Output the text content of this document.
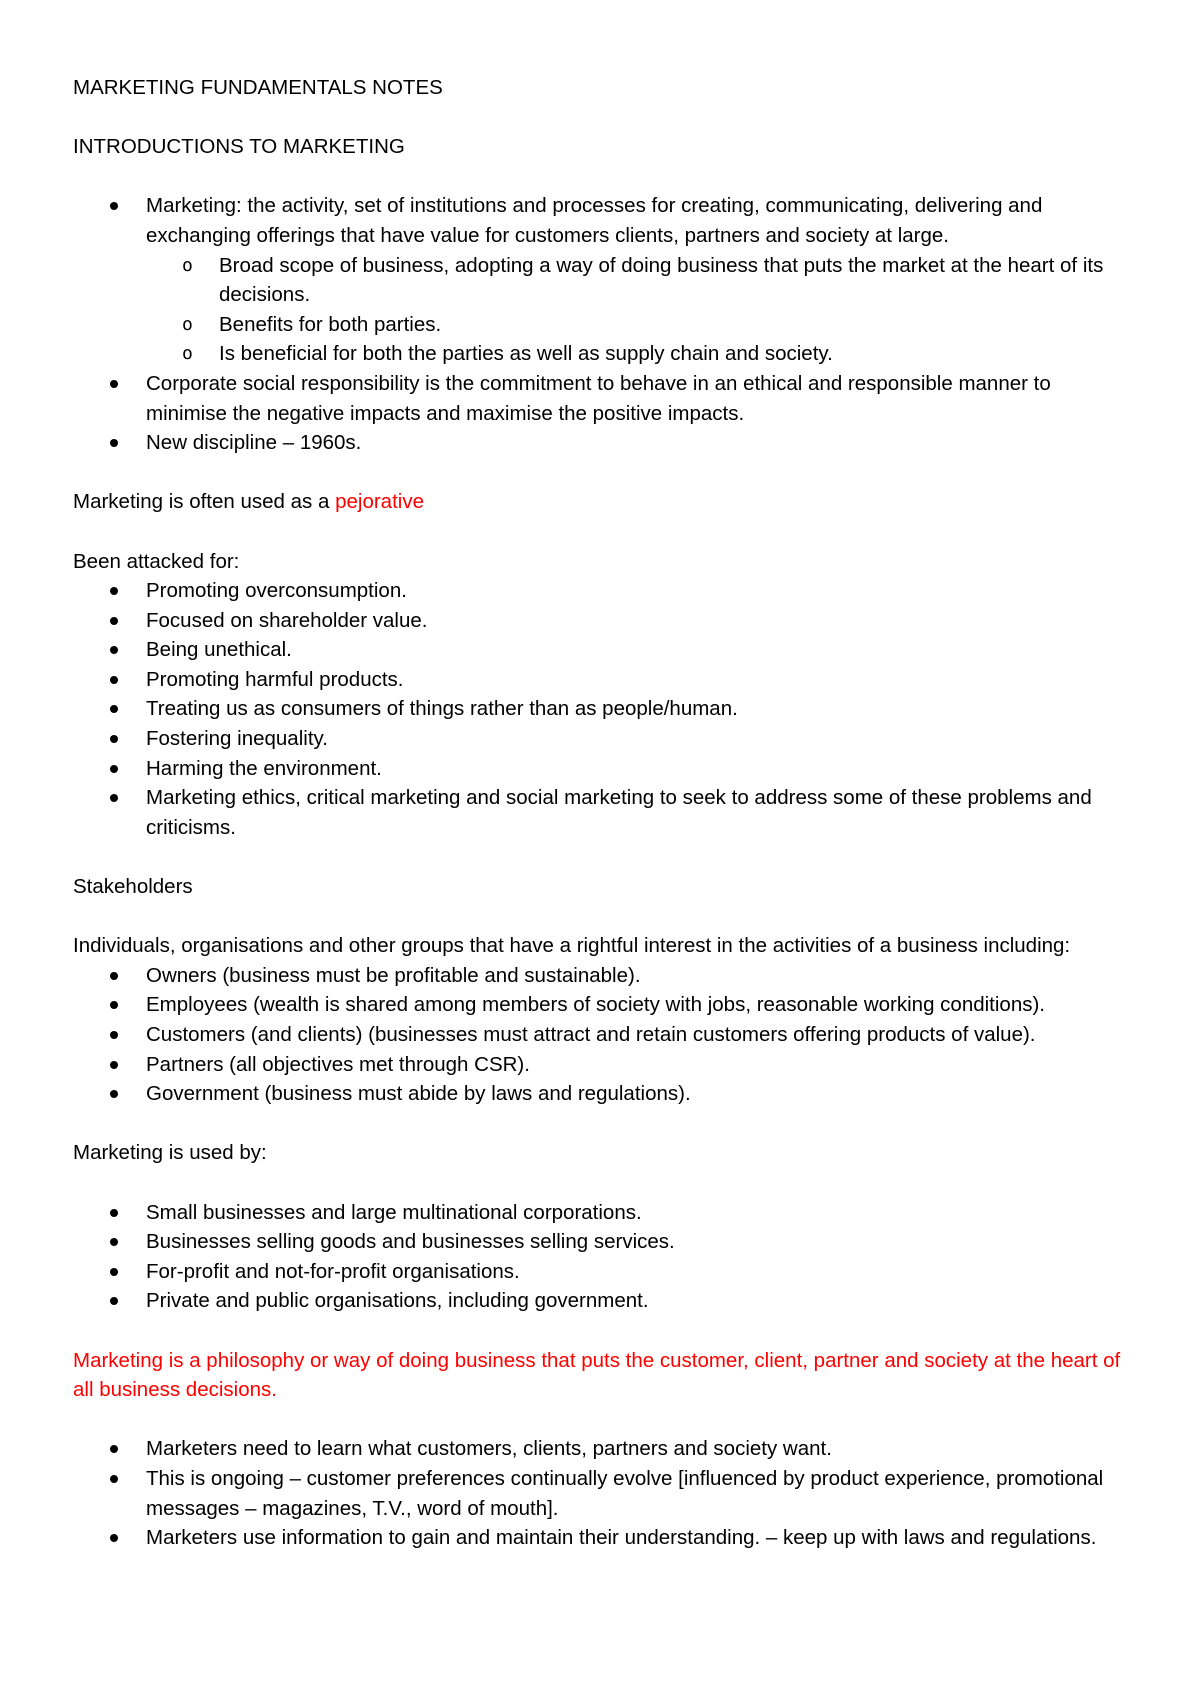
MARKETING FUNDAMENTALS NOTES

INTRODUCTIONS TO MARKETING

Marketing: the activity, set of institutions and processes for creating, communicating, delivering and exchanging offerings that have value for customers clients, partners and society at large.
o Broad scope of business, adopting a way of doing business that puts the market at the heart of its decisions.
o Benefits for both parties.
o Is beneficial for both the parties as well as supply chain and society.
Corporate social responsibility is the commitment to behave in an ethical and responsible manner to minimise the negative impacts and maximise the positive impacts.
New discipline – 1960s.

Marketing is often used as a pejorative

Been attacked for:

Promoting overconsumption.
Focused on shareholder value.
Being unethical.
Promoting harmful products.
Treating us as consumers of things rather than as people/human.
Fostering inequality.
Harming the environment.
Marketing ethics, critical marketing and social marketing to seek to address some of these problems and criticisms.

Stakeholders

Individuals, organisations and other groups that have a rightful interest in the activities of a business including:

Owners (business must be profitable and sustainable).
Employees (wealth is shared among members of society with jobs, reasonable working conditions).
Customers (and clients) (businesses must attract and retain customers offering products of value).
Partners (all objectives met through CSR).
Government (business must abide by laws and regulations).

Marketing is used by:

Small businesses and large multinational corporations.
Businesses selling goods and businesses selling services.
For-profit and not-for-profit organisations.
Private and public organisations, including government.

Marketing is a philosophy or way of doing business that puts the customer, client, partner and society at the heart of all business decisions.

Marketers need to learn what customers, clients, partners and society want.
This is ongoing – customer preferences continually evolve [influenced by product experience, promotional messages – magazines, T.V., word of mouth].
Marketers use information to gain and maintain their understanding. – keep up with laws and regulations.
